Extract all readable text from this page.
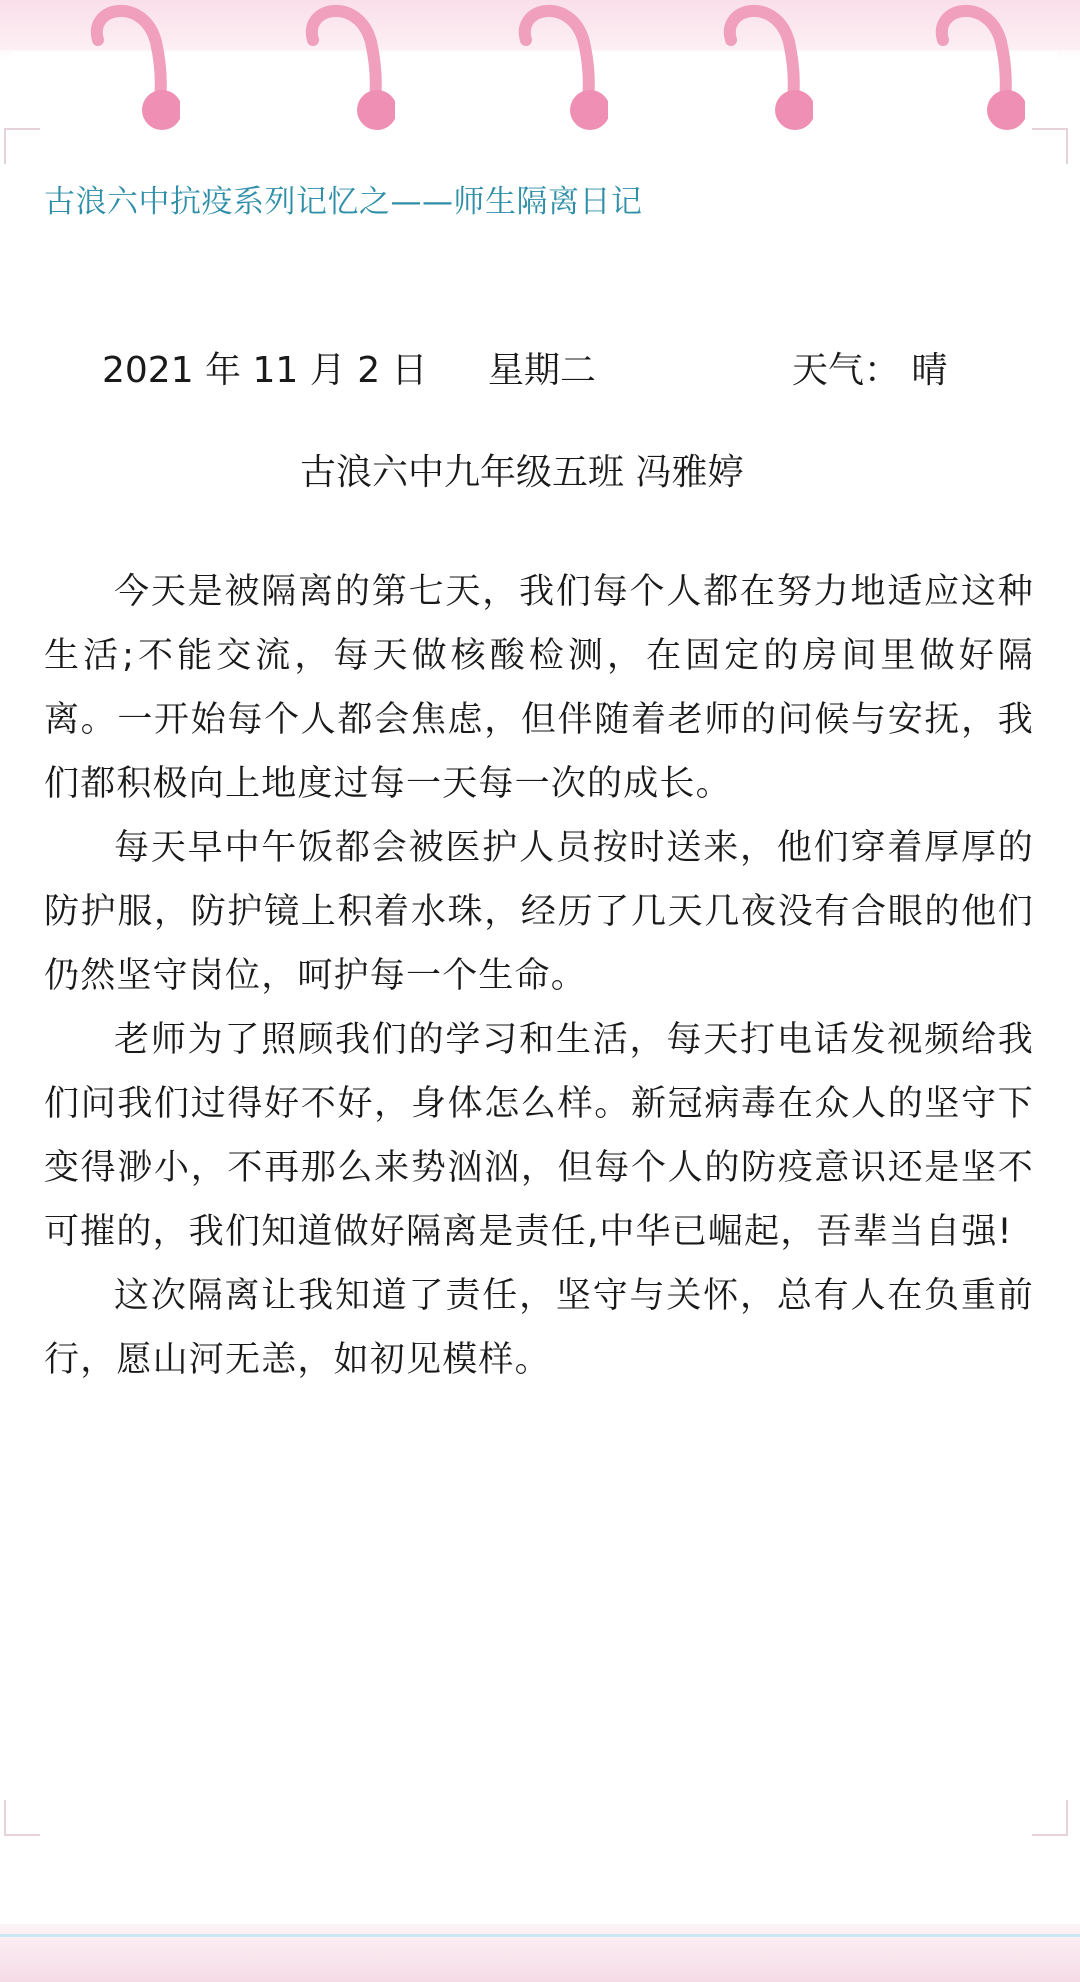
古浪六中抗疫系列记忆之——师生隔离日记
2021 年 11 月 2 日 星期二	天气： 晴
古浪六中九年级五班 冯雅婷

今天是被隔离的第七天，我们每个人都在努力地适应这种生活;不能交流，每天做核酸检测，在固定的房间里做好隔离。一开始每个人都会焦虑，但伴随着老师的问候与安抚，我们都积极向上地度过每一天每一次的成长。

每天早中午饭都会被医护人员按时送来，他们穿着厚厚的防护服，防护镜上积着水珠，经历了几天几夜没有合眼的他们仍然坚守岗位，呵护每一个生命。

老师为了照顾我们的学习和生活，每天打电话发视频给我们问我们过得好不好，身体怎么样。新冠病毒在众人的坚守下变得渺小，不再那么来势汹汹，但每个人的防疫意识还是坚不可摧的，我们知道做好隔离是责任,中华已崛起，吾辈当自强!

这次隔离让我知道了责任，坚守与关怀，总有人在负重前行，愿山河无恙，如初见模样。
